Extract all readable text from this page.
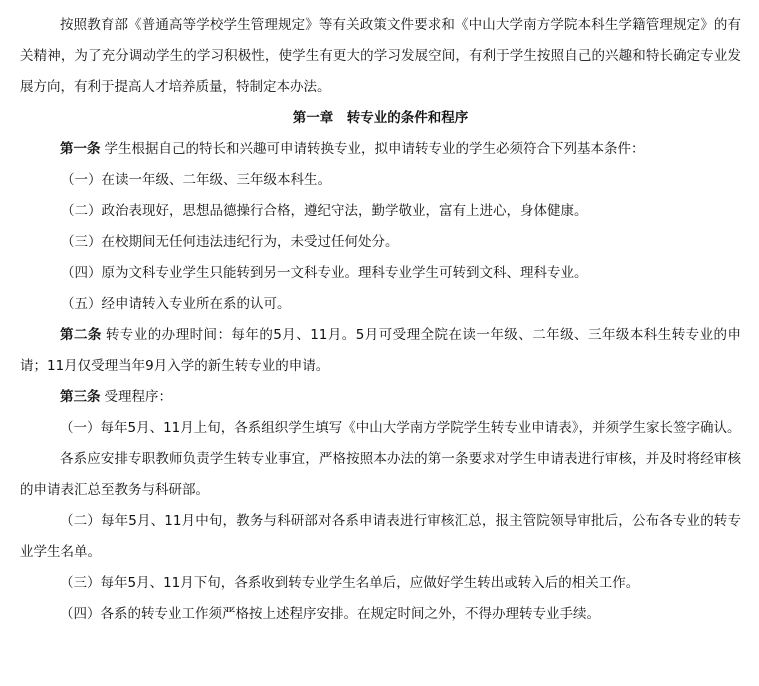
按照教育部《普通高等学校学生管理规定》等有关政策文件要求和《中山大学南方学院本科生学籍管理规定》的有关精神，为了充分调动学生的学习积极性，使学生有更大的学习发展空间，有利于学生按照自己的兴趣和特长确定专业发展方向，有利于提高人才培养质量，特制定本办法。

第一章　转专业的条件和程序

第一条 学生根据自己的特长和兴趣可申请转换专业，拟申请转专业的学生必须符合下列基本条件：

（一）在读一年级、二年级、三年级本科生。

（二）政治表现好，思想品德操行合格，遵纪守法，勤学敬业，富有上进心，身体健康。

（三）在校期间无任何违法违纪行为，未受过任何处分。

（四）原为文科专业学生只能转到另一文科专业。理科专业学生可转到文科、理科专业。

（五）经申请转入专业所在系的认可。

第二条 转专业的办理时间：每年的5月、11月。5月可受理全院在读一年级、二年级、三年级本科生转专业的申请；11月仅受理当年9月入学的新生转专业的申请。

第三条 受理程序：

（一）每年5月、11月上旬，各系组织学生填写《中山大学南方学院学生转专业申请表》，并须学生家长签字确认。

各系应安排专职教师负责学生转专业事宜，严格按照本办法的第一条要求对学生申请表进行审核，并及时将经审核的申请表汇总至教务与科研部。

（二）每年5月、11月中旬，教务与科研部对各系申请表进行审核汇总，报主管院领导审批后，公布各专业的转专业学生名单。

（三）每年5月、11月下旬，各系收到转专业学生名单后，应做好学生转出或转入后的相关工作。

（四）各系的转专业工作须严格按上述程序安排。在规定时间之外，不得办理转专业手续。
